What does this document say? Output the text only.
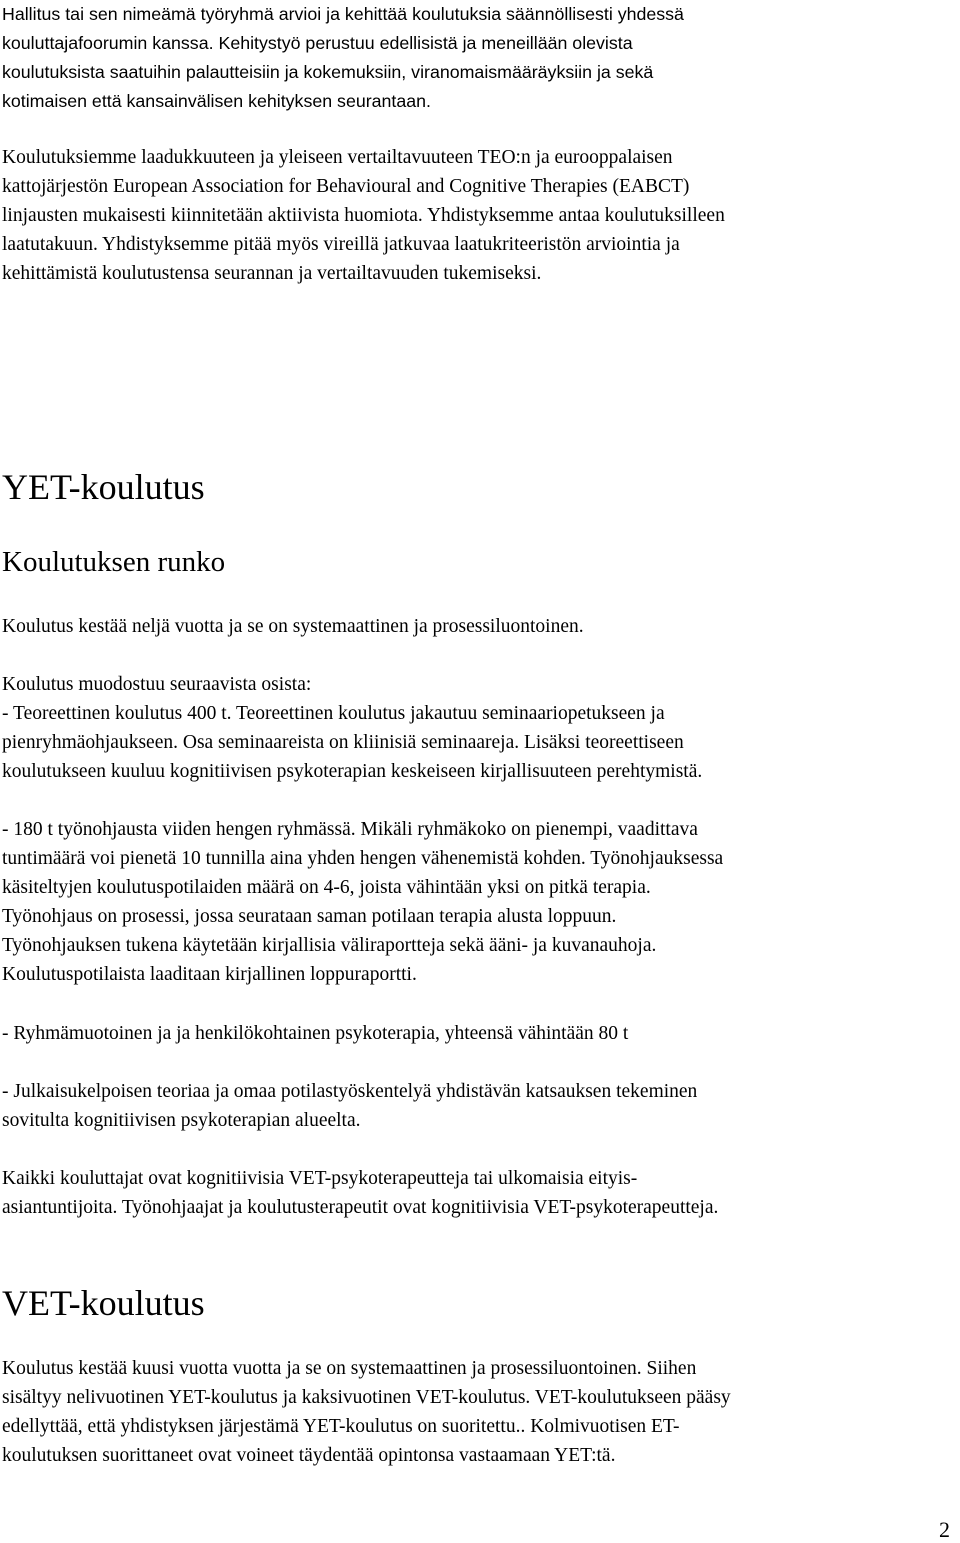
Hallitus tai sen nimeämä työryhmä arvioi ja kehittää koulutuksia säännöllisesti yhdessä
kouluttajafoorumin kanssa. Kehitystyö perustuu edellisistä ja meneillään olevista
koulutuksista saatuihin palautteisiin ja kokemuksiin, viranomaismääräyksiin ja sekä
kotimaisen että kansainvälisen kehityksen seurantaan.

Koulutuksiemme laadukkuuteen ja yleiseen vertailtavuuteen TEO:n ja eurooppalaisen
kattojärjestön European Association for Behavioural and Cognitive Therapies (EABCT)
linjausten mukaisesti kiinnitetään aktiivista huomiota. Yhdistyksemme antaa koulutuksilleen
laatutakuun. Yhdistyksemme pitää myös vireillä jatkuvaa laatukriteeristön arviointia ja
kehittämistä koulutustensa seurannan ja vertailtavuuden tukemiseksi.

YET-koulutus
Koulutuksen runko

Koulutus kestää neljä vuotta ja se on systemaattinen ja prosessiluontoinen.

Koulutus muodostuu seuraavista osista:
- Teoreettinen koulutus 400 t. Teoreettinen koulutus jakautuu seminaariopetukseen ja
pienryhmäohjaukseen. Osa seminaareista on kliinisiä seminaareja. Lisäksi teoreettiseen
koulutukseen kuuluu kognitiivisen psykoterapian keskeiseen kirjallisuuteen perehtymistä.

- 180 t työnohjausta viiden hengen ryhmässä. Mikäli ryhmäkoko on pienempi, vaadittava
tuntimäärä voi pienetä 10 tunnilla aina yhden hengen vähenemistä kohden. Työnohjauksessa
käsiteltyjen koulutuspotilaiden määrä on 4-6, joista vähintään yksi on pitkä terapia.
Työnohjaus on prosessi, jossa seurataan saman potilaan terapia alusta loppuun.
Työnohjauksen tukena käytetään kirjallisia väliraportteja sekä ääni- ja kuvanauhoja.
Koulutuspotilaista laaditaan kirjallinen loppuraportti.

- Ryhmämuotoinen ja ja henkilökohtainen psykoterapia, yhteensä vähintään 80 t

- Julkaisukelpoisen teoriaa ja omaa potilastyöskentelyä yhdistävän katsauksen tekeminen
sovitulta kognitiivisen psykoterapian alueelta.

Kaikki kouluttajat ovat kognitiivisia VET-psykoterapeutteja tai ulkomaisia eityis-
asiantuntijoita. Työnohjaajat ja koulutusterapeutit ovat kognitiivisia VET-psykoterapeutteja.

VET-koulutus

Koulutus kestää kuusi vuotta vuotta ja se on systemaattinen ja prosessiluontoinen. Siihen
sisältyy nelivuotinen YET-koulutus ja kaksivuotinen VET-koulutus. VET-koulutukseen pääsy
edellyttää, että yhdistyksen järjestämä YET-koulutus on suoritettu.. Kolmivuotisen ET-
koulutuksen suorittaneet ovat voineet täydentää opintonsa vastaamaan YET:tä.

2
